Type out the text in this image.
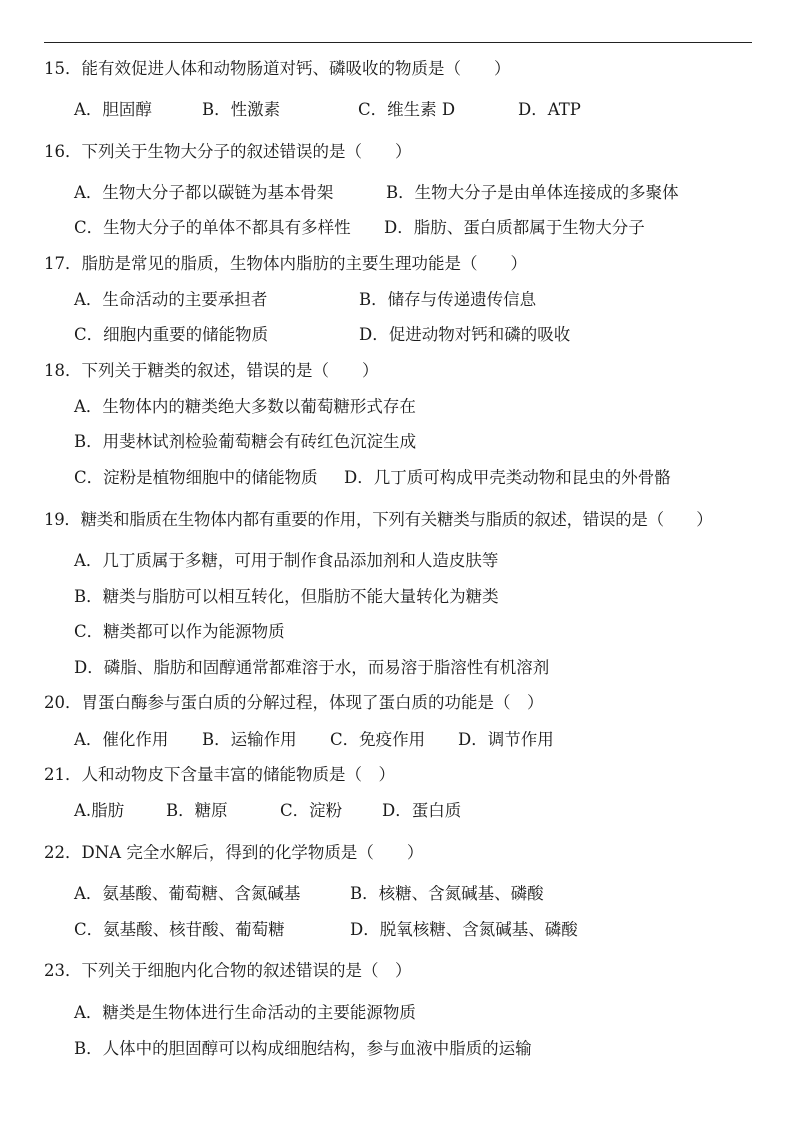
15．能有效促进人体和动物肠道对钙、磷吸收的物质是（　　）
A．胆固醇	B．性激素	C．维生素 D	D．ATP
16．下列关于生物大分子的叙述错误的是（　　）
A．生物大分子都以碳链为基本骨架	B．生物大分子是由单体连接成的多聚体
C．生物大分子的单体不都具有多样性 D．脂肪、蛋白质都属于生物大分子
17．脂肪是常见的脂质，生物体内脂肪的主要生理功能是（　　）
A．生命活动的主要承担者	B．储存与传递遗传信息
C．细胞内重要的储能物质	D．促进动物对钙和磷的吸收
18．下列关于糖类的叙述，错误的是（　　）
A．生物体内的糖类绝大多数以葡萄糖形式存在
B．用斐林试剂检验葡萄糖会有砖红色沉淀生成
C．淀粉是植物细胞中的储能物质 D．几丁质可构成甲壳类动物和昆虫的外骨骼
19．糖类和脂质在生物体内都有重要的作用，下列有关糖类与脂质的叙述，错误的是（　　）
A．几丁质属于多糖，可用于制作食品添加剂和人造皮肤等
B．糖类与脂肪可以相互转化，但脂肪不能大量转化为糖类
C．糖类都可以作为能源物质
D．磷脂、脂肪和固醇通常都难溶于水，而易溶于脂溶性有机溶剂
20．胃蛋白酶参与蛋白质的分解过程，体现了蛋白质的功能是（　）
A．催化作用 B．运输作用 C．免疫作用 D．调节作用
21．人和动物皮下含量丰富的储能物质是（　）
A.脂肪	B．糖原	C．淀粉 D．蛋白质
22．DNA 完全水解后，得到的化学物质是（　　）
A．氨基酸、葡萄糖、含氮碱基	B．核糖、含氮碱基、磷酸
C．氨基酸、核苷酸、葡萄糖	D．脱氧核糖、含氮碱基、磷酸
23．下列关于细胞内化合物的叙述错误的是（　）
A．糖类是生物体进行生命活动的主要能源物质
B．人体中的胆固醇可以构成细胞结构，参与血液中脂质的运输
